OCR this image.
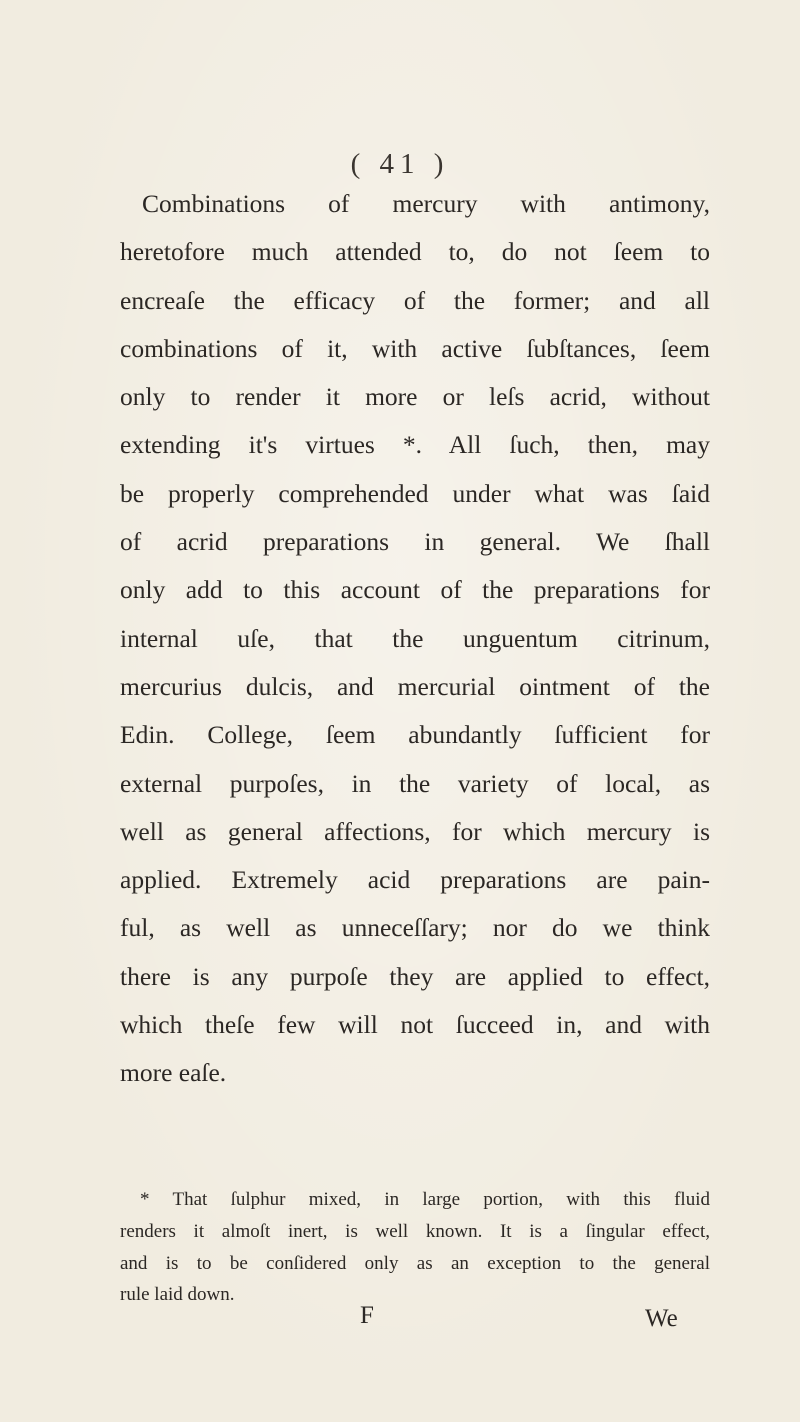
( 41 )
Combinations of mercury with antimony,
heretofore much attended to, do not ſeem to
encreaſe the efficacy of the former; and all
combinations of it, with active ſubſtances, ſeem
only to render it more or leſs acrid, without
extending it's virtues *. All ſuch, then, may
be properly comprehended under what was ſaid
of acrid preparations in general. We ſhall
only add to this account of the preparations for
internal uſe, that the unguentum citrinum,
mercurius dulcis, and mercurial ointment of the
Edin. College, ſeem abundantly ſufficient for
external purpoſes, in the variety of local, as
well as general affections, for which mercury is
applied. Extremely acid preparations are pain-
ful, as well as unneceſſary; nor do we think
there is any purpoſe they are applied to effect,
which theſe few will not ſucceed in, and with
more eaſe.
* That ſulphur mixed, in large portion, with this fluid
renders it almoſt inert, is well known. It is a ſingular effect,
and is to be conſidered only as an exception to the general
rule laid down.
F	We
